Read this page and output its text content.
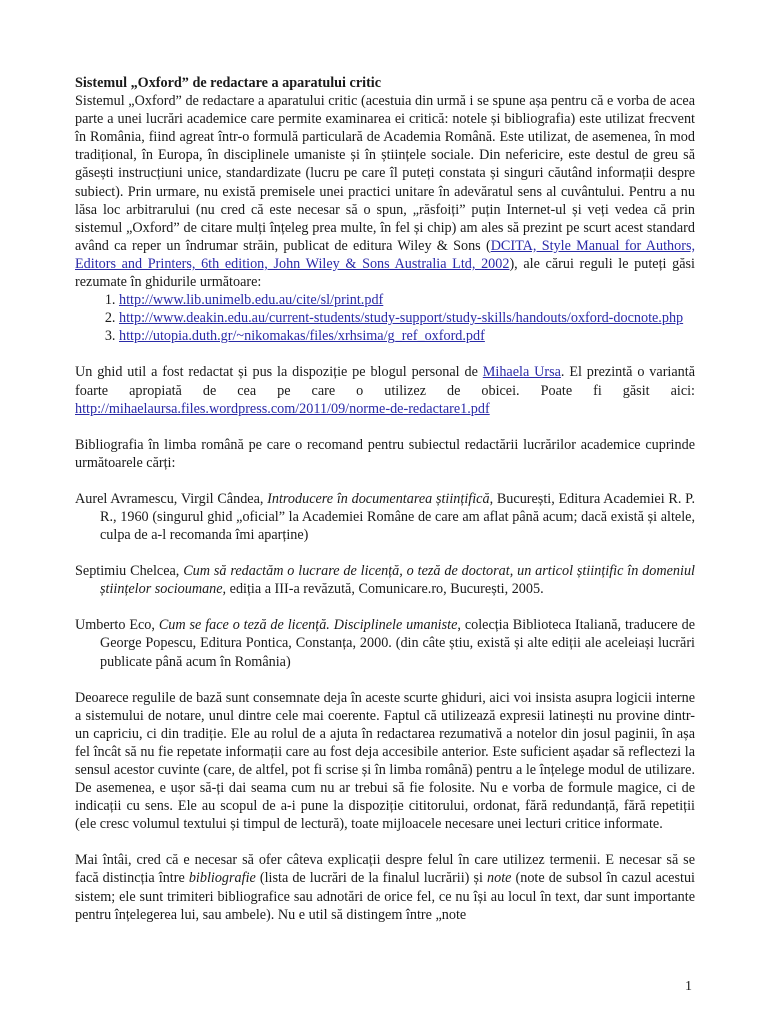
Sistemul „Oxford” de redactare a aparatului critic

Sistemul „Oxford” de redactare a aparatului critic (acestuia din urmă i se spune așa pentru că e vorba de acea parte a unei lucrări academice care permite examinarea ei critică: notele și bibliografia) este utilizat frecvent în România, fiind agreat într-o formulă particulară de Academia Română. Este utilizat, de asemenea, în mod tradițional, în Europa, în disciplinele umaniste și în științele sociale. Din nefericire, este destul de greu să găsești instrucțiuni unice, standardizate (lucru pe care îl puteți constata și singuri căutând informații despre subiect). Prin urmare, nu există premisele unei practici unitare în adevăratul sens al cuvântului. Pentru a nu lăsa loc arbitrarului (nu cred că este necesar să o spun, „răsfoiți” puțin Internet-ul și veți vedea că prin sistemul „Oxford” de citare mulți înțeleg prea multe, în fel și chip) am ales să prezint pe scurt acest standard având ca reper un îndrumar străin, publicat de editura Wiley & Sons (DCITA, Style Manual for Authors, Editors and Printers, 6th edition, John Wiley & Sons Australia Ltd, 2002), ale cărui reguli le puteți găsi rezumate în ghidurile următoare:

1. http://www.lib.unimelb.edu.au/cite/sl/print.pdf
2. http://www.deakin.edu.au/current-students/study-support/study-skills/handouts/oxford-docnote.php
3. http://utopia.duth.gr/~nikomakas/files/xrhsima/g_ref_oxford.pdf

Un ghid util a fost redactat și pus la dispoziție pe blogul personal de Mihaela Ursa. El prezintă o variantă foarte apropiată de cea pe care o utilizez de obicei. Poate fi găsit aici: http://mihaelaursa.files.wordpress.com/2011/09/norme-de-redactare1.pdf

Bibliografia în limba română pe care o recomand pentru subiectul redactării lucrărilor academice cuprinde următoarele cărți:

Aurel Avramescu, Virgil Cândea, Introducere în documentarea științifică, București, Editura Academiei R. P. R., 1960 (singurul ghid „oficial” la Academiei Române de care am aflat până acum; dacă există și altele, culpa de a-l recomanda îmi aparține)

Septimiu Chelcea, Cum să redactăm o lucrare de licență, o teză de doctorat, un articol științific în domeniul științelor socioumane, ediția a III-a revăzută, Comunicare.ro, București, 2005.

Umberto Eco, Cum se face o teză de licență. Disciplinele umaniste, colecția Biblioteca Italiană, traducere de George Popescu, Editura Pontica, Constanța, 2000. (din câte știu, există și alte ediții ale aceleiași lucrări publicate până acum în România)

Deoarece regulile de bază sunt consemnate deja în aceste scurte ghiduri, aici voi insista asupra logicii interne a sistemului de notare, unul dintre cele mai coerente. Faptul că utilizează expresii latinești nu provine dintr-un capriciu, ci din tradiție. Ele au rolul de a ajuta în redactarea rezumativă a notelor din josul paginii, în așa fel încât să nu fie repetate informații care au fost deja accesibile anterior. Este suficient așadar să reflectezi la sensul acestor cuvinte (care, de altfel, pot fi scrise și în limba română) pentru a le înțelege modul de utilizare. De asemenea, e ușor să-ți dai seama cum nu ar trebui să fie folosite. Nu e vorba de formule magice, ci de indicații cu sens. Ele au scopul de a-i pune la dispoziție cititorului, ordonat, fără redundanță, fără repetiții (ele cresc volumul textului și timpul de lectură), toate mijloacele necesare unei lecturi critice informate.

Mai întâi, cred că e necesar să ofer câteva explicații despre felul în care utilizez termenii. E necesar să se facă distincția între bibliografie (lista de lucrări de la finalul lucrării) și note (note de subsol în cazul acestui sistem; ele sunt trimiteri bibliografice sau adnotări de orice fel, ce nu își au locul în text, dar sunt importante pentru înțelegerea lui, sau ambele). Nu e util să distingem între „note

1
